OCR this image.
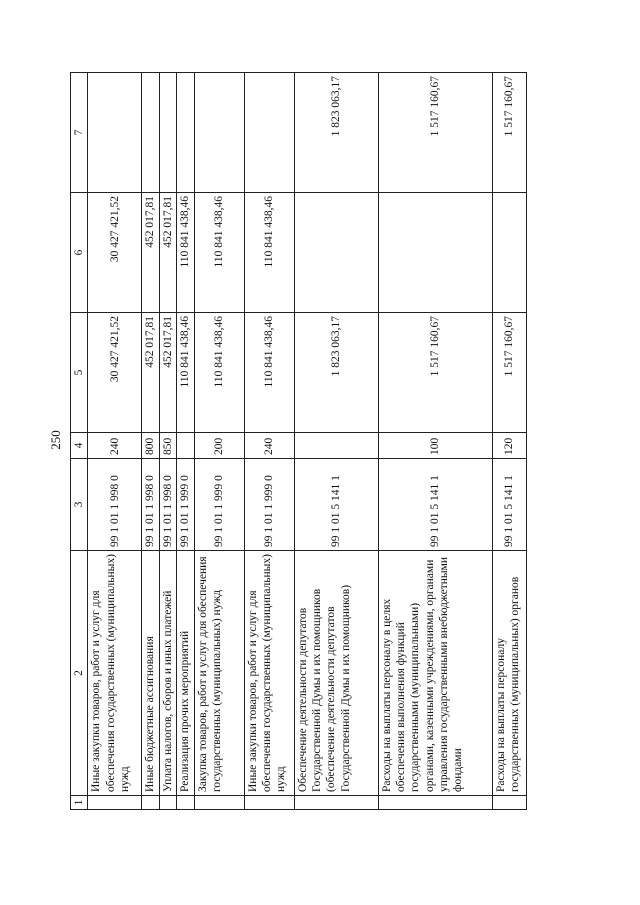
250
1	2	3	4	5	6	7
	Иные закупки товаров, работ и услуг для обеспечения государственных (муниципальных) нужд	99 1 01 1 998 0	240	30 427 421,52	30 427 421,52	
	Иные бюджетные ассигнования	99 1 01 1 998 0	800	452 017,81	452 017,81	
	Уплата налогов, сборов и иных платежей	99 1 01 1 998 0	850	452 017,81	452 017,81	
	Реализация прочих мероприятий	99 1 01 1 999 0		110 841 438,46	110 841 438,46	
	Закупка товаров, работ и услуг для обеспечения государственных (муниципальных) нужд	99 1 01 1 999 0	200	110 841 438,46	110 841 438,46	
	Иные закупки товаров, работ и услуг для обеспечения государственных (муниципальных) нужд	99 1 01 1 999 0	240	110 841 438,46	110 841 438,46	
	Обеспечение деятельности депутатов Государственной Думы и их помощников (обеспечение деятельности депутатов Государственной Думы и их помощников)	99 1 01 5 141 1		1 823 063,17		1 823 063,17
	Расходы на выплаты персоналу в целях обеспечения выполнения функций государственными (муниципальными) органами, казенными учреждениями, органами управления государственными внебюджетными фондами	99 1 01 5 141 1	100	1 517 160,67		1 517 160,67
	Расходы на выплаты персоналу государственных (муниципальных) органов	99 1 01 5 141 1	120	1 517 160,67		1 517 160,67
